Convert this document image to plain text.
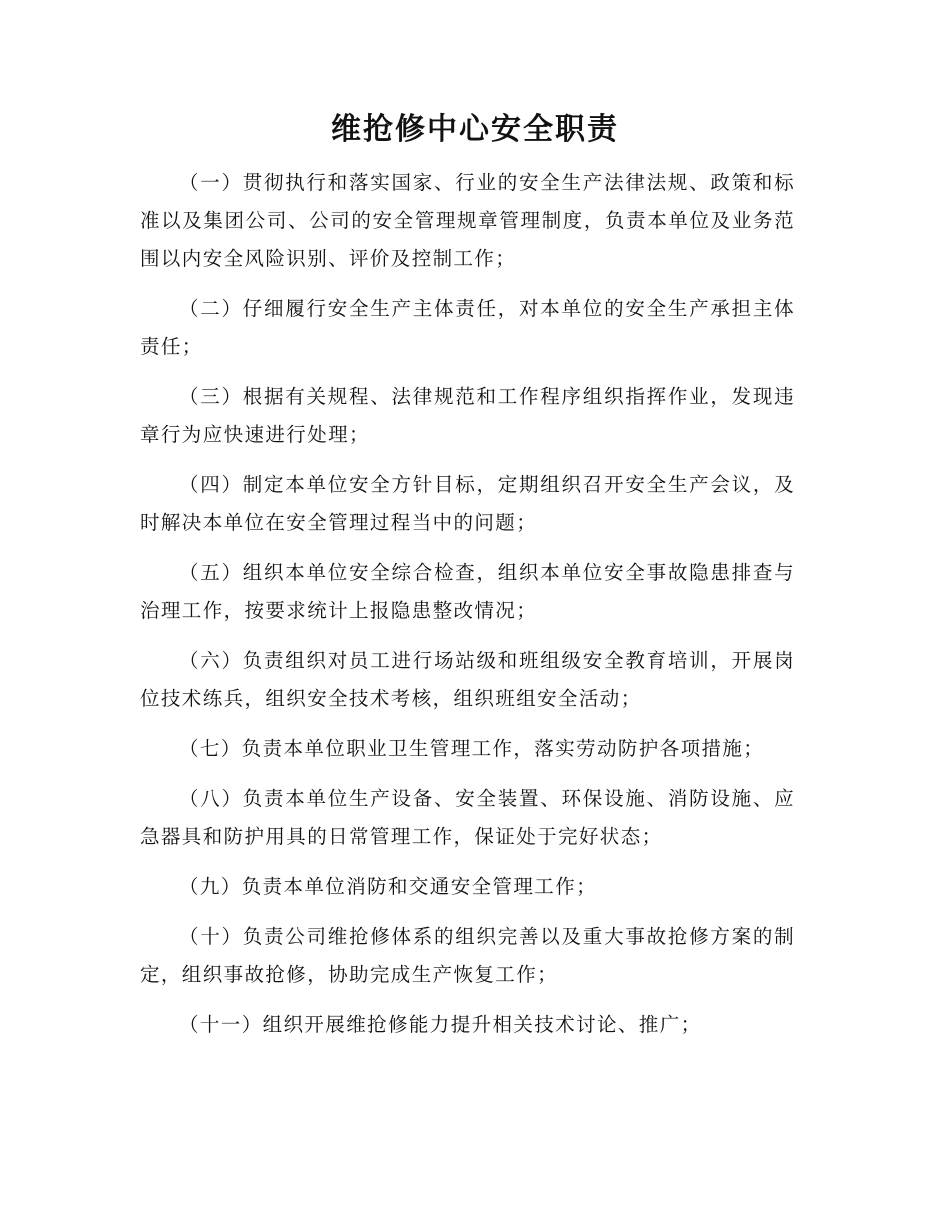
维抢修中心安全职责

（一）贯彻执行和落实国家、行业的安全生产法律法规、政策和标准以及集团公司、公司的安全管理规章管理制度，负责本单位及业务范围以内安全风险识别、评价及控制工作；

（二）仔细履行安全生产主体责任，对本单位的安全生产承担主体责任；

（三）根据有关规程、法律规范和工作程序组织指挥作业，发现违章行为应快速进行处理；

（四）制定本单位安全方针目标，定期组织召开安全生产会议，及时解决本单位在安全管理过程当中的问题；

（五）组织本单位安全综合检查，组织本单位安全事故隐患排查与治理工作，按要求统计上报隐患整改情况；

（六）负责组织对员工进行场站级和班组级安全教育培训，开展岗位技术练兵，组织安全技术考核，组织班组安全活动；

（七）负责本单位职业卫生管理工作，落实劳动防护各项措施；

（八）负责本单位生产设备、安全装置、环保设施、消防设施、应急器具和防护用具的日常管理工作，保证处于完好状态；

（九）负责本单位消防和交通安全管理工作；

（十）负责公司维抢修体系的组织完善以及重大事故抢修方案的制定，组织事故抢修，协助完成生产恢复工作；

（十一）组织开展维抢修能力提升相关技术讨论、推广；
